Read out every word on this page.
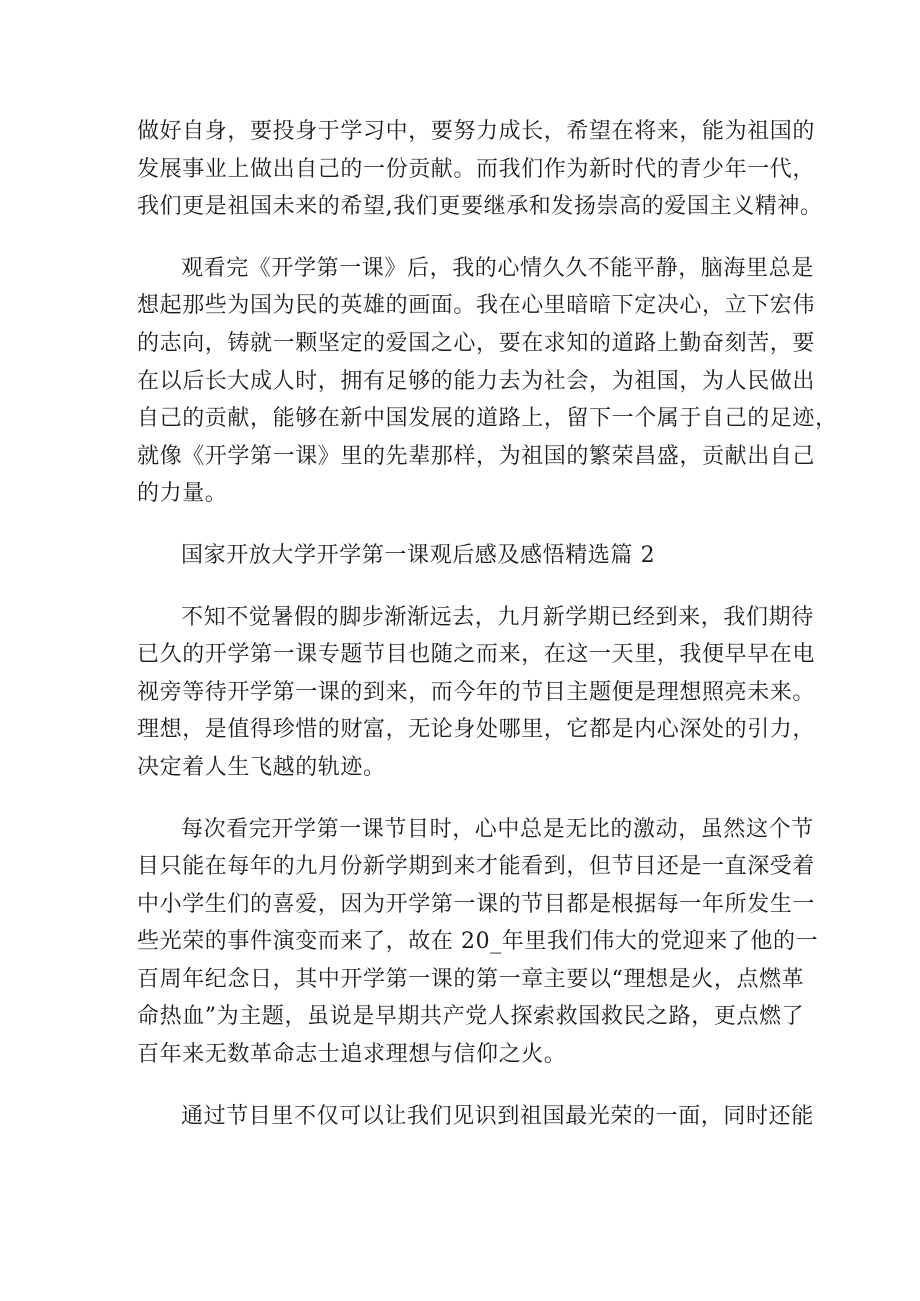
做好自身，要投身于学习中，要努力成长，希望在将来，能为祖国的
发展事业上做出自己的一份贡献。而我们作为新时代的青少年一代，
我们更是祖国未来的希望,我们更要继承和发扬崇高的爱国主义精神。
观看完《开学第一课》后，我的心情久久不能平静，脑海里总是
想起那些为国为民的英雄的画面。我在心里暗暗下定决心，立下宏伟
的志向，铸就一颗坚定的爱国之心，要在求知的道路上勤奋刻苦，要
在以后长大成人时，拥有足够的能力去为社会，为祖国，为人民做出
自己的贡献，能够在新中国发展的道路上，留下一个属于自己的足迹，
就像《开学第一课》里的先辈那样，为祖国的繁荣昌盛，贡献出自己
的力量。
国家开放大学开学第一课观后感及感悟精选篇 2
不知不觉暑假的脚步渐渐远去，九月新学期已经到来，我们期待
已久的开学第一课专题节目也随之而来，在这一天里，我便早早在电
视旁等待开学第一课的到来，而今年的节目主题便是理想照亮未来。
理想，是值得珍惜的财富，无论身处哪里，它都是内心深处的引力，
决定着人生飞越的轨迹。
每次看完开学第一课节目时，心中总是无比的激动，虽然这个节
目只能在每年的九月份新学期到来才能看到，但节目还是一直深受着
中小学生们的喜爱，因为开学第一课的节目都是根据每一年所发生一
些光荣的事件演变而来了，故在 20_年里我们伟大的党迎来了他的一
百周年纪念日，其中开学第一课的第一章主要以“理想是火，点燃革
命热血”为主题，虽说是早期共产党人探索救国救民之路，更点燃了
百年来无数革命志士追求理想与信仰之火。
通过节目里不仅可以让我们见识到祖国最光荣的一面，同时还能
